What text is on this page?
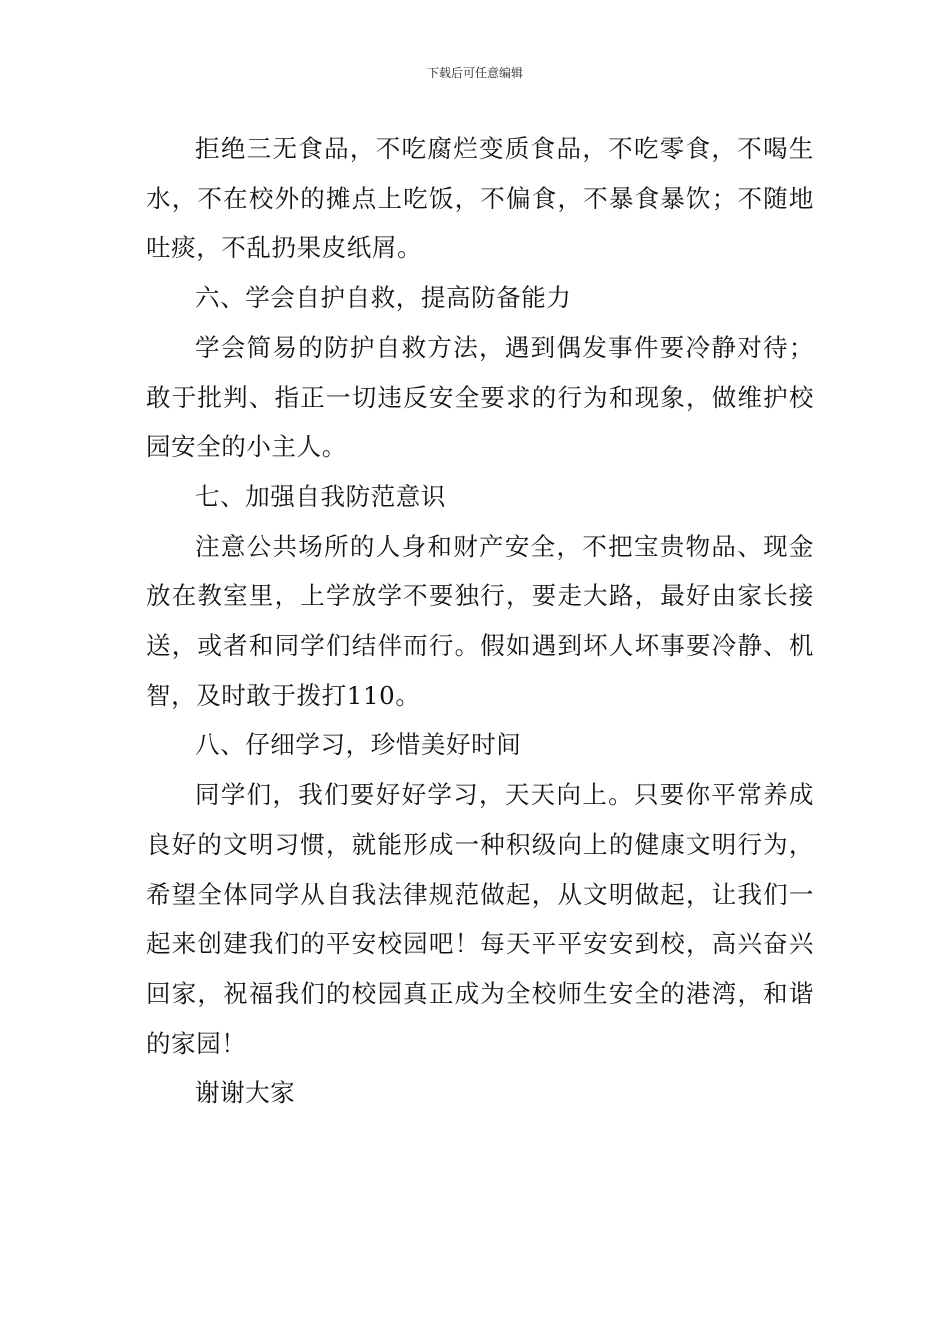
下载后可任意编辑

拒绝三无食品，不吃腐烂变质食品，不吃零食，不喝生水，不在校外的摊点上吃饭，不偏食，不暴食暴饮；不随地吐痰，不乱扔果皮纸屑。

六、学会自护自救，提高防备能力

学会简易的防护自救方法，遇到偶发事件要冷静对待；敢于批判、指正一切违反安全要求的行为和现象，做维护校园安全的小主人。

七、加强自我防范意识

注意公共场所的人身和财产安全，不把宝贵物品、现金放在教室里，上学放学不要独行，要走大路，最好由家长接送，或者和同学们结伴而行。假如遇到坏人坏事要冷静、机智，及时敢于拨打110。

八、仔细学习，珍惜美好时间

同学们，我们要好好学习，天天向上。只要你平常养成良好的文明习惯，就能形成一种积级向上的健康文明行为，希望全体同学从自我法律规范做起，从文明做起，让我们一起来创建我们的平安校园吧！每天平平安安到校，高兴奋兴回家，祝福我们的校园真正成为全校师生安全的港湾，和谐的家园！

谢谢大家
